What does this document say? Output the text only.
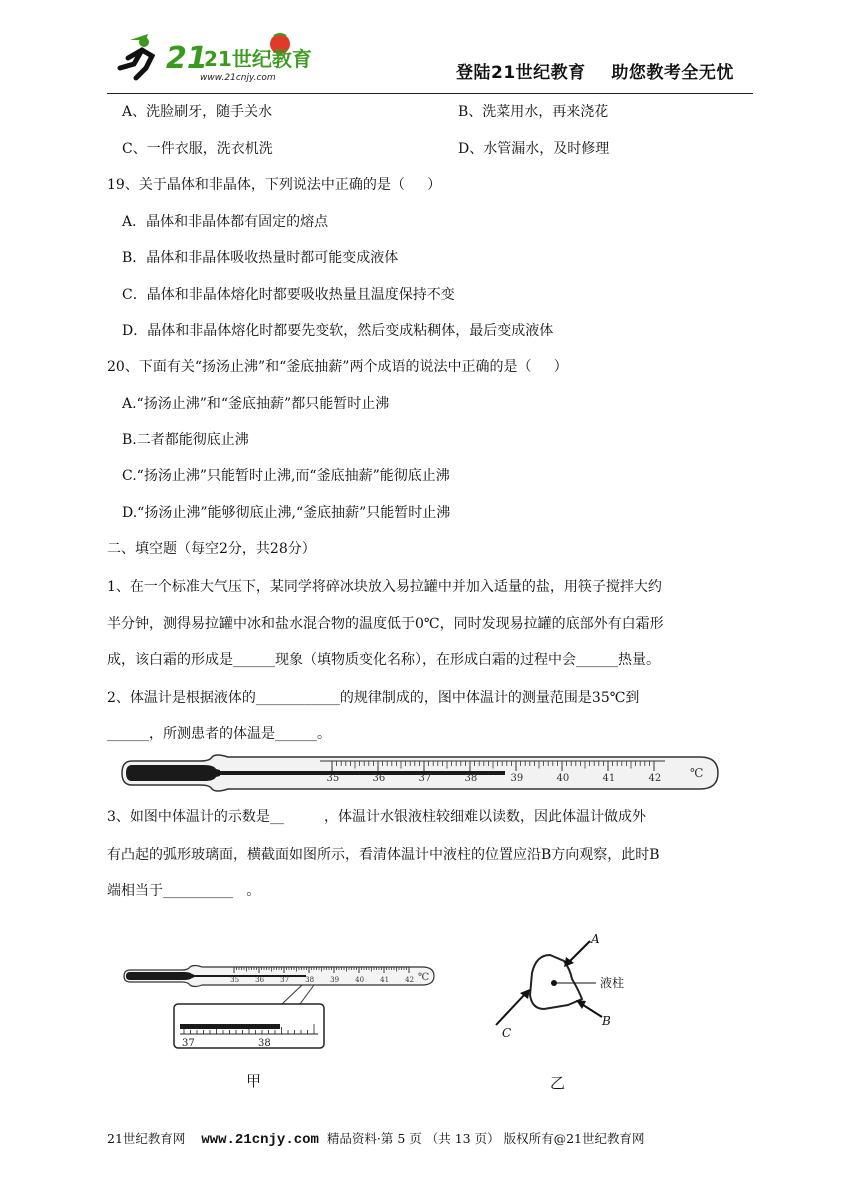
21
21世纪教育
www.21cnjy.com	登陆21世纪教育 助您教考全无忧
A、洗脸刷牙，随手关水	B、洗菜用水，再来浇花
C、一件衣服，洗衣机洗	D、水管漏水，及时修理
19、关于晶体和非晶体，下列说法中正确的是（     ）
A．晶体和非晶体都有固定的熔点
B．晶体和非晶体吸收热量时都可能变成液体
C．晶体和非晶体熔化时都要吸收热量且温度保持不变
D．晶体和非晶体熔化时都要先变软，然后变成粘稠体，最后变成液体
20、下面有关“扬汤止沸”和“釜底抽薪”两个成语的说法中正确的是（     ）
A.“扬汤止沸”和“釜底抽薪”都只能暂时止沸
B.二者都能彻底止沸
C.“扬汤止沸”只能暂时止沸,而“釜底抽薪”能彻底止沸
D.“扬汤止沸”能够彻底止沸,“釜底抽薪”只能暂时止沸
二、填空题（每空2分，共28分）
1、在一个标准大气压下，某同学将碎冰块放入易拉罐中并加入适量的盐，用筷子搅拌大约
半分钟，测得易拉罐中冰和盐水混合物的温度低于0℃，同时发现易拉罐的底部外有白霜形
成，该白霜的形成是______现象（填物质变化名称），在形成白霜的过程中会______热量。
2、体温计是根据液体的____________的规律制成的，图中体温计的测量范围是35℃到
______，所测患者的体温是______。
35	36	37	38	39	40	41	42 ℃
3、如图中体温计的示数是__         ，体温计水银液柱较细难以读数，因此体温计做成外
有凸起的弧形玻璃面，横截面如图所示，看清体温计中液柱的位置应沿B方向观察，此时B
端相当于__________   。
35 36 37 38 39 40 41 42 ℃
37	38
甲
液柱
A
B
C
乙
21世纪教育网 www.21cnjy.com 精品资料·第 5 页 （共 13 页） 版权所有@21世纪教育网
